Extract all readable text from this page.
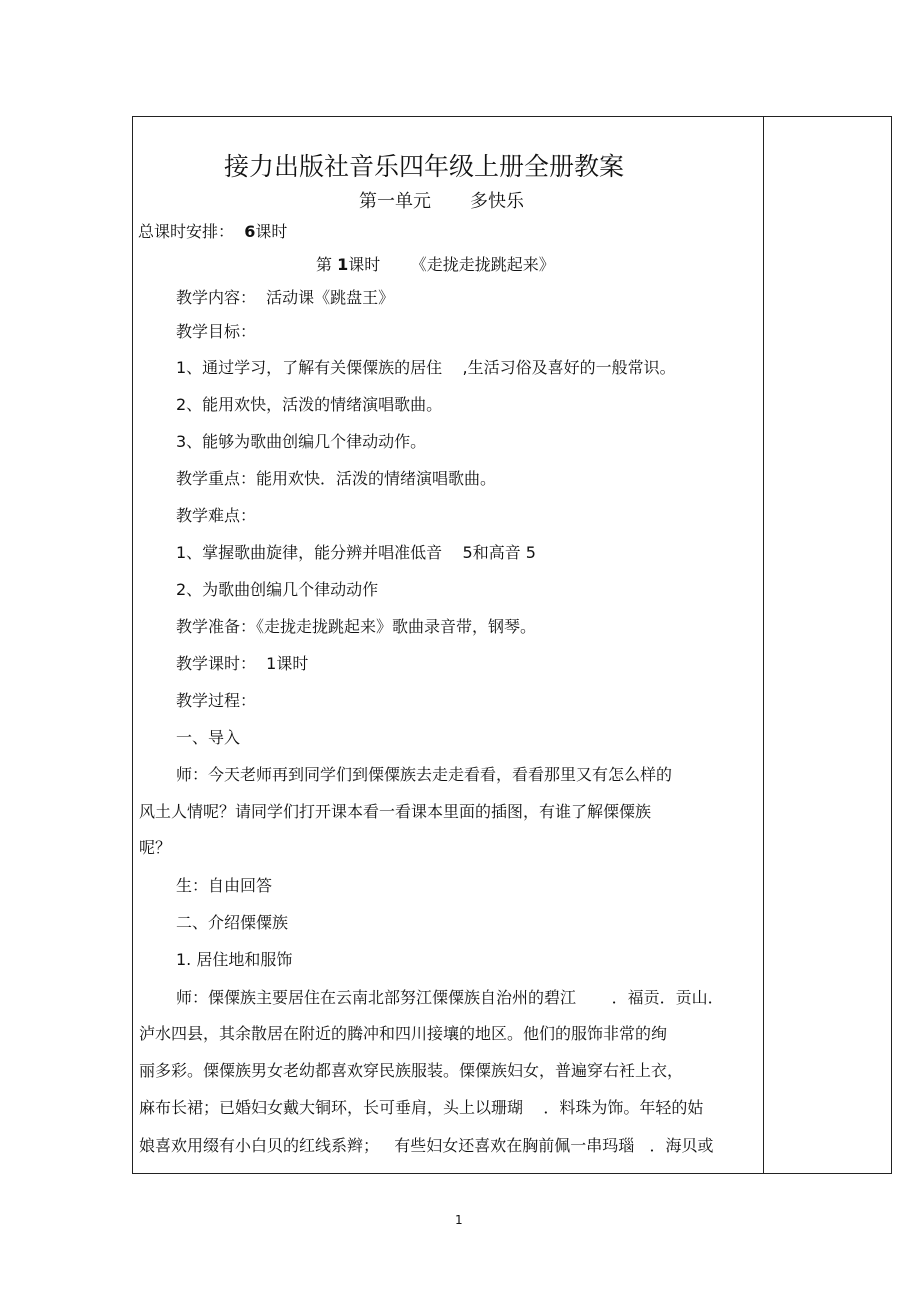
接力出版社音乐四年级上册全册教案
第一单元 多快乐
总课时安排： 6课时
第 1课时 《走拢走拢跳起来》
教学内容：  活动课《跳盘王》
教学目标：
1、通过学习，了解有关傈僳族的居住    ,生活习俗及喜好的一般常识。
2、能用欢快，活泼的情绪演唱歌曲。
3、能够为歌曲创编几个律动动作。
教学重点：能用欢快．活泼的情绪演唱歌曲。
教学难点：
1、掌握歌曲旋律，能分辨并唱准低音    5和高音 5
2、为歌曲创编几个律动动作
教学准备：《走拢走拢跳起来》歌曲录音带，钢琴。
教学课时：  1课时
教学过程：
一、导入
师：今天老师再到同学们到傈僳族去走走看看，看看那里又有怎么样的
风土人情呢？请同学们打开课本看一看课本里面的插图，有谁了解傈僳族
呢？
生：自由回答
二、介绍傈僳族
1. 居住地和服饰
师：傈僳族主要居住在云南北部努江傈僳族自治州的碧江       ．福贡．贡山．
泸水四县，其余散居在附近的腾冲和四川接壤的地区。他们的服饰非常的绚
丽多彩。傈僳族男女老幼都喜欢穿民族服装。傈僳族妇女，普遍穿右衽上衣，
麻布长裙；已婚妇女戴大铜环，长可垂肩，头上以珊瑚    ．料珠为饰。年轻的姑
娘喜欢用缀有小白贝的红线系辫；   有些妇女还喜欢在胸前佩一串玛瑙   ．海贝或
1
